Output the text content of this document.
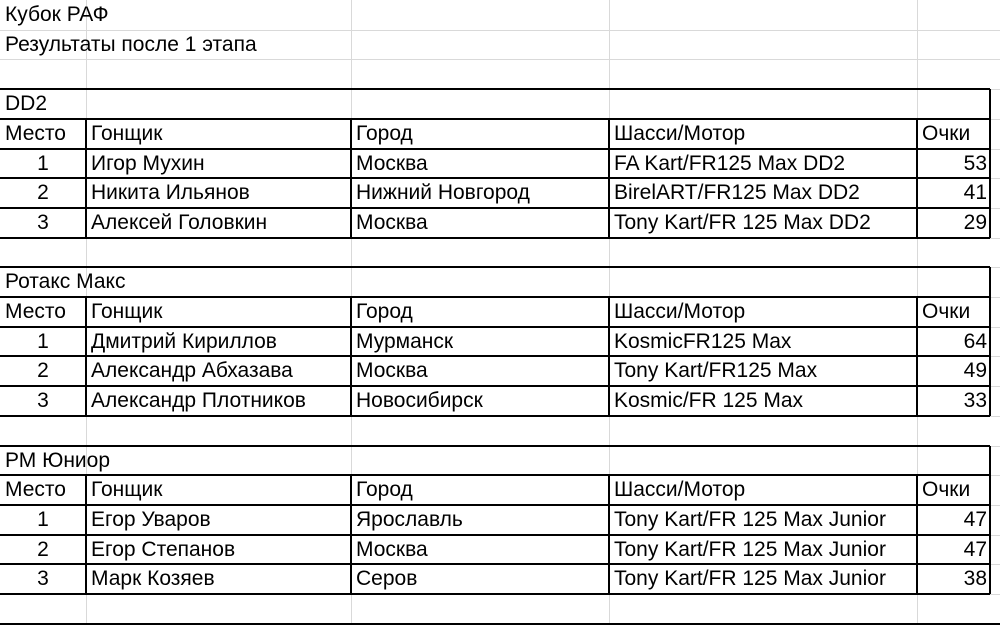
Кубок РАФ
Результаты после 1 этапа
DD2
Место	Гонщик	Город	Шасси/Мотор	Очки
1	Игор Мухин	Москва	FA Kart/FR125 Max DD2	53
2	Никита Ильянов	Нижний Новгород	BirelART/FR125 Max DD2	41
3	Алексей Головкин	Москва	Tony Kart/FR 125 Max DD2	29
Ротакс Макс
Место	Гонщик	Город	Шасси/Мотор	Очки
1	Дмитрий Кириллов	Мурманск	KosmicFR125 Max	64
2	Александр Абхазава	Москва	Tony Kart/FR125 Max	49
3	Александр Плотников	Новосибирск	Kosmic/FR 125 Max	33
РМ Юниор
Место	Гонщик	Город	Шасси/Мотор	Очки
1	Егор Уваров	Ярославль	Tony Kart/FR 125 Max Junior	47
2	Егор Степанов	Москва	Tony Kart/FR 125 Max Junior	47
3	Марк Козяев	Серов	Tony Kart/FR 125 Max Junior	38
